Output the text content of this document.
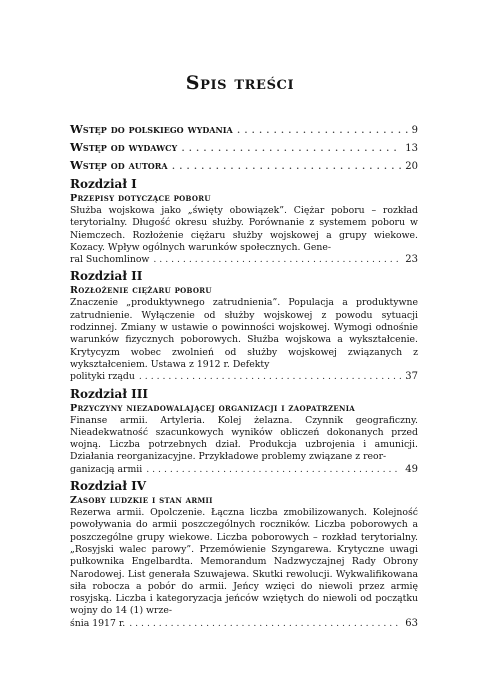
Spis treści
Wstęp do polskiego wydania . . .	9
Wstęp od wydawcy . . .	13
Wstęp od autora . . .	20
Rozdział I
Przepisy dotyczące poboru

Służba wojskowa jako „święty obowiązek”. Ciężar poboru – rozkład terytorialny. Długość okresu służby. Porównanie z systemem poboru w Niemczech. Rozłożenie ciężaru służby wojskowej a grupy wiekowe. Kozacy. Wpływ ogólnych warunków społecznych. Gene-

ral Suchomlinow . . .	23
Rozdział II
Rozłożenie ciężaru poboru

Znaczenie „produktywnego zatrudnienia”. Populacja a produktywne zatrudnienie. Wyłączenie od służby wojskowej z powodu sytuacji rodzinnej. Zmiany w ustawie o powinności wojskowej. Wymogi odnośnie warunków fizycznych poborowych. Służba wojskowa a wykształcenie. Krytycyzm wobec zwolnień od służby wojskowej związanych z wykształceniem. Ustawa z 1912 r. Defekty

polityki rządu . . .	37
Rozdział III
Przyczyny niezadowalającej organizacji i zaopatrzenia

Finanse armii. Artyleria. Kolej żelazna. Czynnik geograficzny. Nieadekwatność szacunkowych wyników obliczeń dokonanych przed wojną. Liczba potrzebnych dział. Produkcja uzbrojenia i amunicji. Działania reorganizacyjne. Przykładowe problemy związane z reor-

ganizacją armii . . .	49
Rozdział IV
Zasoby ludzkie i stan armii

Rezerwa armii. Opolczenie. Łączna liczba zmobilizowanych. Kolejność powoływania do armii poszczególnych roczników. Liczba poborowych a poszczególne grupy wiekowe. Liczba poborowych – rozkład terytorialny. „Rosyjski walec parowy”. Przemówienie Szyngarewa. Krytyczne uwagi pułkownika Engelbardta. Memorandum Nadzwyczajnej Rady Obrony Narodowej. List generała Szuwajewa. Skutki rewolucji. Wykwalifikowana siła robocza a pobór do armii. Jeńcy wzięci do niewoli przez armię rosyjską. Liczba i kategoryzacja jeńców wziętych do niewoli od początku wojny do 14 (1) wrze-

śnia 1917 r. . . .	63
